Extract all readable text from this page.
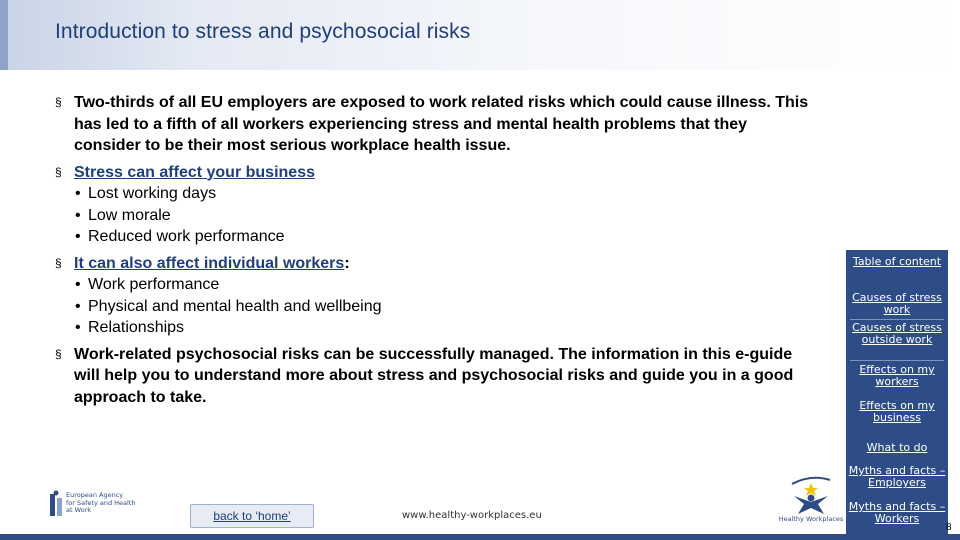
Introduction to stress and psychosocial risks
§ Two-thirds of all EU employers are exposed to work related risks which could cause illness. This has led to a fifth of all workers experiencing stress and mental health problems that they consider to be their most serious workplace health issue.
§ Stress can affect your business
• Lost working days
• Low morale
• Reduced work performance
§ It can also affect individual workers:
• Work performance
• Physical and mental health and wellbeing
• Relationships
§ Work-related psychosocial risks can be successfully managed. The information in this e-guide will help you to understand more about stress and psychosocial risks and guide you in a good approach to take.
Table of content
Causes of stress work
Causes of stress outside work
Effects on my workers
Effects on my business
What to do
Myths and facts – Employers
Myths and facts – Workers
European Agency
for Safety and Health
at Work	back to ‘home’	www.healthy-workplaces.eu	Healthy Workplaces
8
